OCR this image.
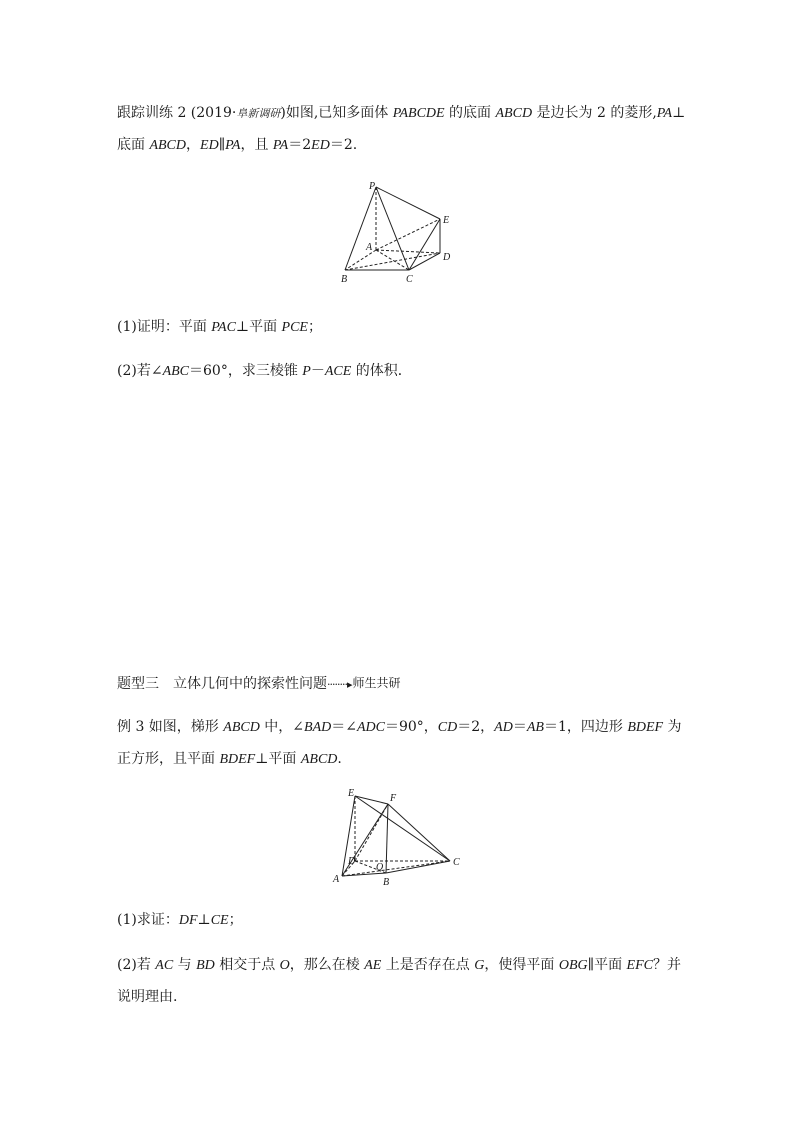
跟踪训练 2 (2019·阜新调研)如图,已知多面体 PABCDE 的底面 ABCD 是边长为 2 的菱形,PA⊥
底面 ABCD，ED∥PA，且 PA＝2ED＝2.
P
E
A
D
B	C
(1)证明：平面 PAC⊥平面 PCE；
(2)若∠ABC＝60°，求三棱锥 P－ACE 的体积．
题型三　立体几何中的探索性问题········▸师生共研
例 3 如图，梯形 ABCD 中，∠BAD＝∠ADC＝90°，CD＝2，AD＝AB＝1，四边形 BDEF 为
正方形，且平面 BDEF⊥平面 ABCD.
E	F
D
O	C
A	B
(1)求证：DF⊥CE；
(2)若 AC 与 BD 相交于点 O，那么在棱 AE 上是否存在点 G，使得平面 OBG∥平面 EFC？并
说明理由.
